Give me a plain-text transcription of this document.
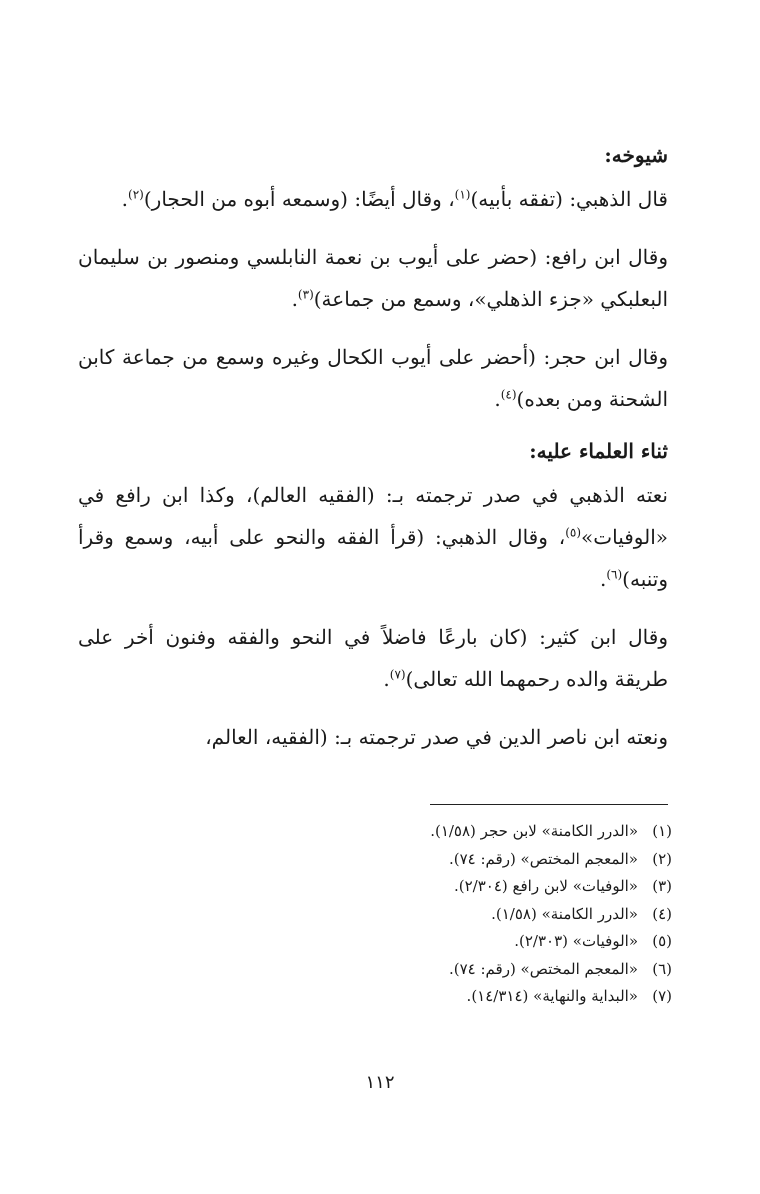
شيوخه:

قال الذهبي: (تفقه بأبيه)$^{(١)}$، وقال أيضًا: (وسمعه أبوه من الحجار)$^{(٢)}$.

وقال ابن رافع: (حضر على أيوب بن نعمة النابلسي ومنصور بن سليمان البعلبكي «جزء الذهلي»، وسمع من جماعة)$^{(٣)}$.

وقال ابن حجر: (أحضر على أيوب الكحال وغيره وسمع من جماعة كابن الشحنة ومن بعده)$^{(٤)}$.

ثناء العلماء عليه:

نعته الذهبي في صدر ترجمته بـ: (الفقيه العالم)، وكذا ابن رافع في «الوفيات»$^{(٥)}$، وقال الذهبي: (قرأ الفقه والنحو على أبيه، وسمع وقرأ وتنبه)$^{(٦)}$.

وقال ابن كثير: (كان بارعًا فاضلاً في النحو والفقه وفنون أخر على طريقة والده رحمهما الله تعالى)$^{(٧)}$.

ونعته ابن ناصر الدين في صدر ترجمته بـ: (الفقيه، العالم،

(١)«الدرر الكامنة» لابن حجر (١/٥٨).
(٢)«المعجم المختص» (رقم: ٧٤).
(٣)«الوفيات» لابن رافع (٢/٣٠٤).
(٤)«الدرر الكامنة» (١/٥٨).
(٥)«الوفيات» (٢/٣٠٣).
(٦)«المعجم المختص» (رقم: ٧٤).
(٧)«البداية والنهاية» (١٤/٣١٤).
١١٢
